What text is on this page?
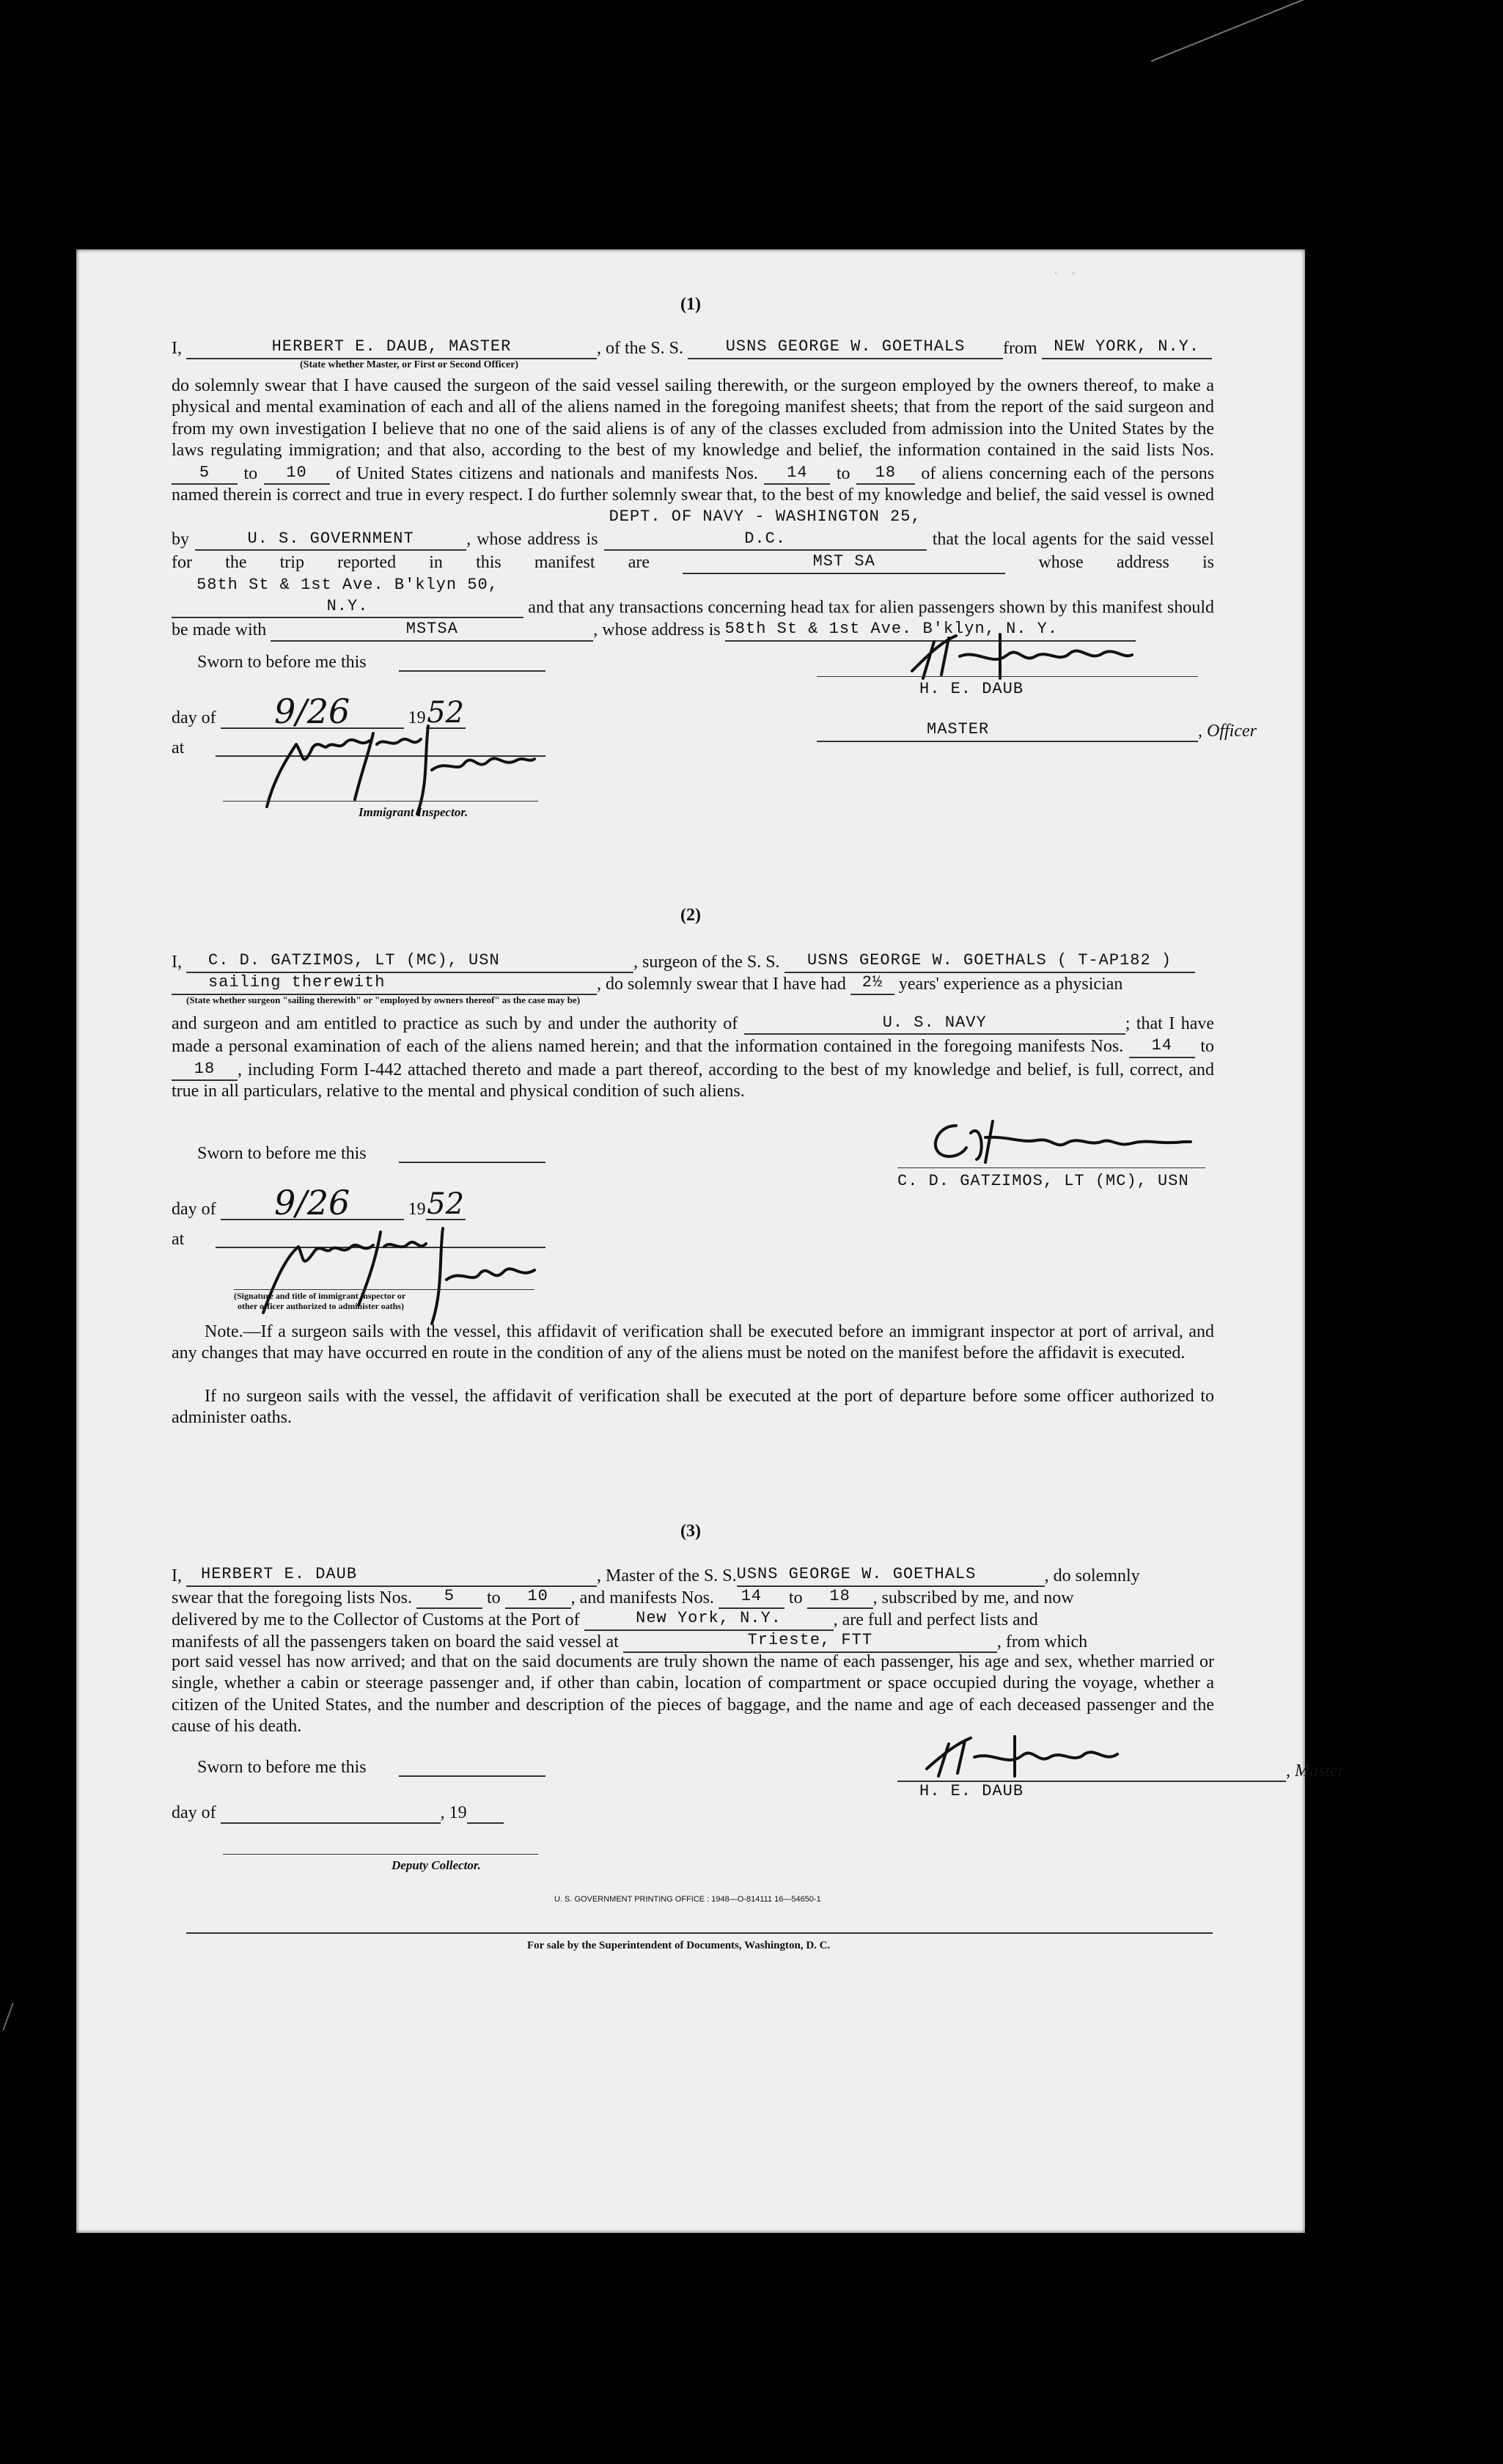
· ·
(1)
I,	HERBERT E. DAUB, MASTER	, of the S. S.	USNS GEORGE W. GOETHALS from NEW YORK, N.Y.
(State whether Master, or First or Second Officer)
do solemnly swear that I have caused the surgeon of the said vessel sailing therewith, or the surgeon employed by the owners thereof, to make a physical and mental examination of each and all of the aliens named in the foregoing manifest sheets; that from the report of the said surgeon and from my own investigation I believe that no one of the said aliens is of any of the classes excluded from admission into the United States by the laws regulating immigration; and that also, according to the best of my knowledge and belief, the information contained in the said lists Nos. 5 to 10 of United States citizens and nationals and manifests Nos. 14 to 18 of aliens concerning each of the persons named therein is correct and true in every respect. I do further solemnly swear that, to the best of my knowledge and belief, the said vessel is owned by	U. S. GOVERNMENT	, whose address is DEPT. OF NAVY - WASHINGTON 25, D.C.	that the local agents for the said vessel for the trip reported in this manifest are	MST SA	whose address is 58th St & 1st Ave. B'klyn 50, N.Y.	and that any transactions concerning head tax for alien passengers shown by this manifest should be made with	MSTSA	, whose address is 58th St & 1st Ave. B'klyn, N. Y.
Sworn to before me this
day of 9/26	1952
at
Immigrant Inspector.
H. E. DAUB
MASTER	, Officer
(2)
I, C. D. GATZIMOS, LT (MC), USN	, surgeon of the S. S. USNS GEORGE W. GOETHALS ( T-AP182 )
sailing therewith	, do solemnly swear that I have had 2½ years' experience as a physician
(State whether surgeon "sailing therewith" or "employed by owners thereof" as the case may be)
and surgeon and am entitled to practice as such by and under the authority of	U. S. NAVY	; that I have made a personal examination of each of the aliens named herein; and that the information contained in the foregoing manifests Nos. 14 to 18 , including Form I-442 attached thereto and made a part thereof, according to the best of my knowledge and belief, is full, correct, and true in all particulars, relative to the mental and physical condition of such aliens.
Sworn to before me this
day of 9/26	1952
at
(Signature and title of immigrant inspector or
other officer authorized to administer oaths)
C. D. GATZIMOS, LT (MC), USN
Note.—If a surgeon sails with the vessel, this affidavit of verification shall be executed before an immigrant inspector at port of arrival, and any changes that may have occurred en route in the condition of any of the aliens must be noted on the manifest before the affidavit is executed.
If no surgeon sails with the vessel, the affidavit of verification shall be executed at the port of departure before some officer authorized to administer oaths.
(3)
I, HERBERT E. DAUB	, Master of the S. S.USNS GEORGE W. GOETHALS	, do solemnly
swear that the foregoing lists Nos. 5 to 10 , and manifests Nos. 14 to 18 , subscribed by me, and now
delivered by me to the Collector of Customs at the Port of	New York, N.Y.	, are full and perfect lists and
manifests of all the passengers taken on board the said vessel at	Trieste, FTT	, from which
port said vessel has now arrived; and that on the said documents are truly shown the name of each passenger, his age and sex, whether married or single, whether a cabin or steerage passenger and, if other than cabin, location of compartment or space occupied during the voyage, whether a citizen of the United States, and the number and description of the pieces of baggage, and the name and age of each deceased passenger and the cause of his death.
Sworn to before me this
day of	, 19
Deputy Collector.
, Master
H. E. DAUB
U. S. GOVERNMENT PRINTING OFFICE : 1948—O-814111 16—54650-1
For sale by the Superintendent of Documents, Washington, D. C.
